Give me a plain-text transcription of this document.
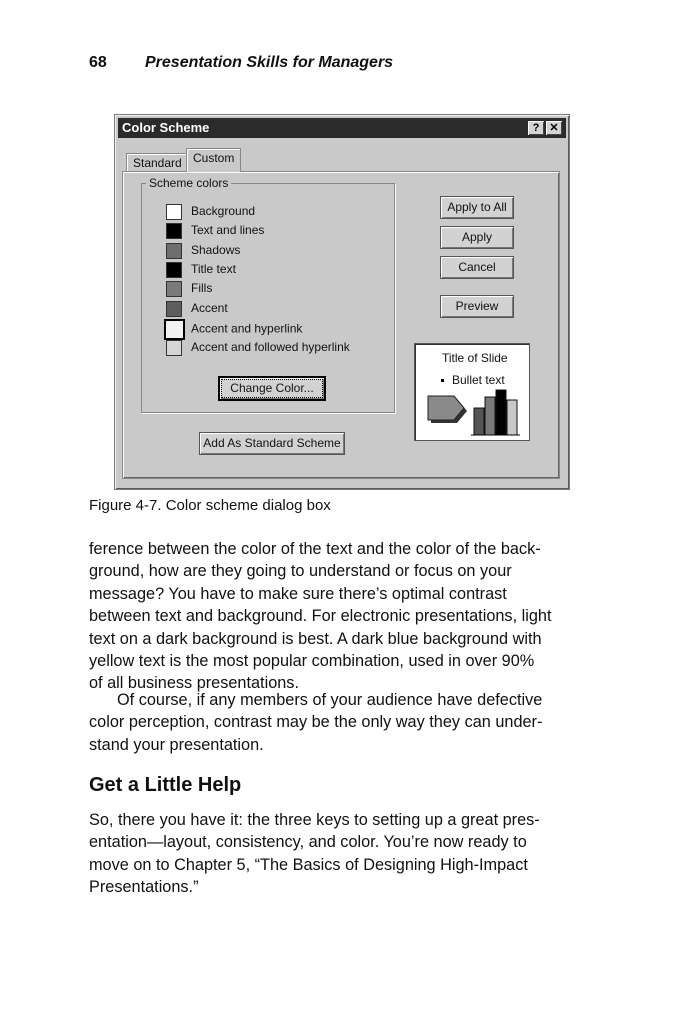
68 Presentation Skills for Managers
Color Scheme	? ✕
Standard Custom
Scheme colors
Background
Text and lines
Shadows
Title text
Fills
Accent
Accent and hyperlink
Accent and followed hyperlink
Change Color...
Add As Standard Scheme
Apply to All
Apply
Cancel
Preview
Title of Slide
Bullet text
Figure 4-7. Color scheme dialog box
ference between the color of the text and the color of the back-
ground, how are they going to understand or focus on your
message? You have to make sure there’s optimal contrast
between text and background. For electronic presentations, light
text on a dark background is best. A dark blue background with
yellow text is the most popular combination, used in over 90%
of all business presentations.
Of course, if any members of your audience have defective
color perception, contrast may be the only way they can under-
stand your presentation.
Get a Little Help
So, there you have it: the three keys to setting up a great pres-
entation—layout, consistency, and color. You’re now ready to
move on to Chapter 5, “The Basics of Designing High-Impact
Presentations.”
